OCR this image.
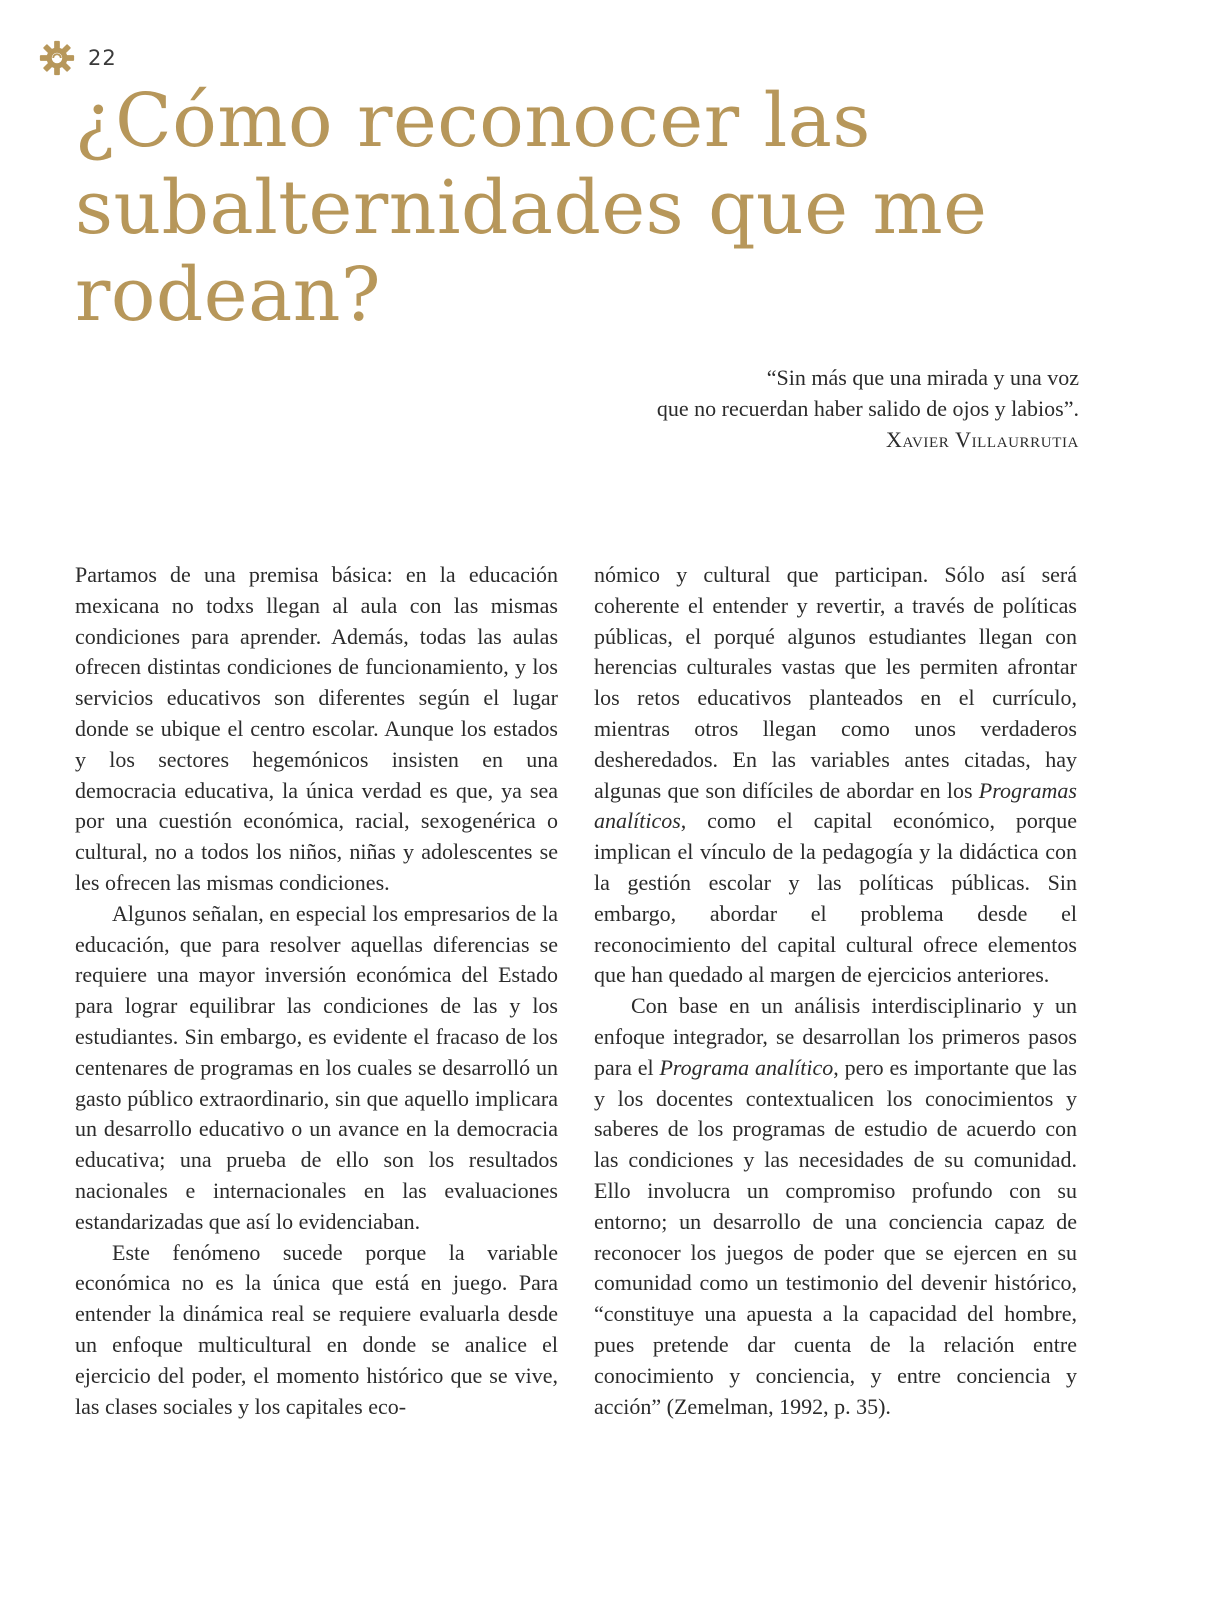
22
¿Cómo reconocer las subalternidades que me rodean?

“Sin más que una mirada y una voz

que no recuerdan haber salido de ojos y labios”.

Xavier Villaurrutia

Partamos de una premisa básica: en la educación mexicana no todxs llegan al aula con las mismas condiciones para aprender. Además, todas las aulas ofrecen distintas condiciones de funcionamiento, y los servicios educativos son diferentes según el lugar donde se ubique el centro escolar. Aunque los estados y los sectores hegemónicos insisten en una democracia educativa, la única verdad es que, ya sea por una cuestión económica, racial, sexogenérica o cultural, no a todos los niños, niñas y adolescentes se les ofrecen las mismas condiciones.

Algunos señalan, en especial los empresarios de la educación, que para resolver aquellas diferencias se requiere una mayor inversión económica del Estado para lograr equilibrar las condiciones de las y los estudiantes. Sin embargo, es evidente el fracaso de los centenares de programas en los cuales se desarrolló un gasto público extraordinario, sin que aquello implicara un desarrollo educativo o un avance en la democracia educativa; una prueba de ello son los resultados nacionales e internacionales en las evaluaciones estandarizadas que así lo evidenciaban.

Este fenómeno sucede porque la variable económica no es la única que está en juego. Para entender la dinámica real se requiere evaluarla desde un enfoque multicultural en donde se analice el ejercicio del poder, el momento histórico que se vive, las clases sociales y los capitales eco-

nómico y cultural que participan. Sólo así será coherente el entender y revertir, a través de políticas públicas, el porqué algunos estudiantes llegan con herencias culturales vastas que les permiten afrontar los retos educativos planteados en el currículo, mientras otros llegan como unos verdaderos desheredados. En las variables antes citadas, hay algunas que son difíciles de abordar en los Programas analíticos, como el capital económico, porque implican el vínculo de la pedagogía y la didáctica con la gestión escolar y las políticas públicas. Sin embargo, abordar el problema desde el reconocimiento del capital cultural ofrece elementos que han quedado al margen de ejercicios anteriores.

Con base en un análisis interdisciplinario y un enfoque integrador, se desarrollan los primeros pasos para el Programa analítico, pero es importante que las y los docentes contextualicen los conocimientos y saberes de los programas de estudio de acuerdo con las condiciones y las necesidades de su comunidad. Ello involucra un compromiso profundo con su entorno; un desarrollo de una conciencia capaz de reconocer los juegos de poder que se ejercen en su comunidad como un testimonio del devenir histórico, “constituye una apuesta a la capacidad del hombre, pues pretende dar cuenta de la relación entre conocimiento y conciencia, y entre conciencia y acción” (Zemelman, 1992, p. 35).
